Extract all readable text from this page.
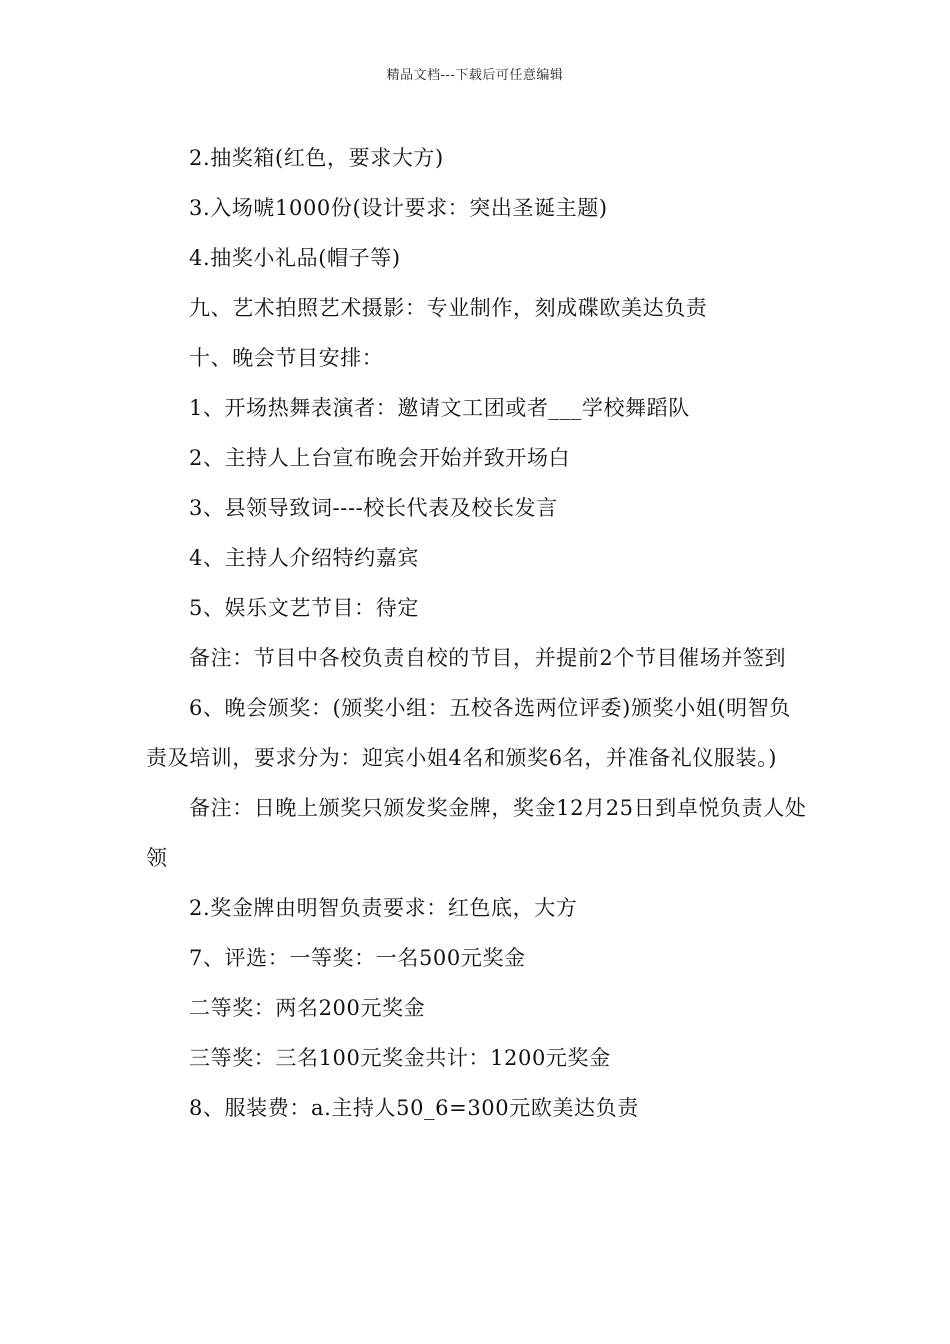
精品文档---下载后可任意编辑

2.抽奖箱(红色，要求大方)

3.入场唬1000份(设计要求：突出圣诞主题)

4.抽奖小礼品(帽子等)

九、艺术拍照艺术摄影：专业制作，刻成碟欧美达负责

十、晚会节目安排：

1、开场热舞表演者：邀请文工团或者___学校舞蹈队

2、主持人上台宣布晚会开始并致开场白

3、县领导致词----校长代表及校长发言

4、主持人介绍特约嘉宾

5、娱乐文艺节目：待定

备注：节目中各校负责自校的节目，并提前2个节目催场并签到

6、晚会颁奖：(颁奖小组：五校各选两位评委)颁奖小姐(明智负责及培训，要求分为：迎宾小姐4名和颁奖6名，并准备礼仪服装。)

备注：日晚上颁奖只颁发奖金牌，奖金12月25日到卓悦负责人处领

2.奖金牌由明智负责要求：红色底，大方

7、评选：一等奖：一名500元奖金

二等奖：两名200元奖金

三等奖：三名100元奖金共计：1200元奖金

8、服装费：a.主持人50_6=300元欧美达负责
